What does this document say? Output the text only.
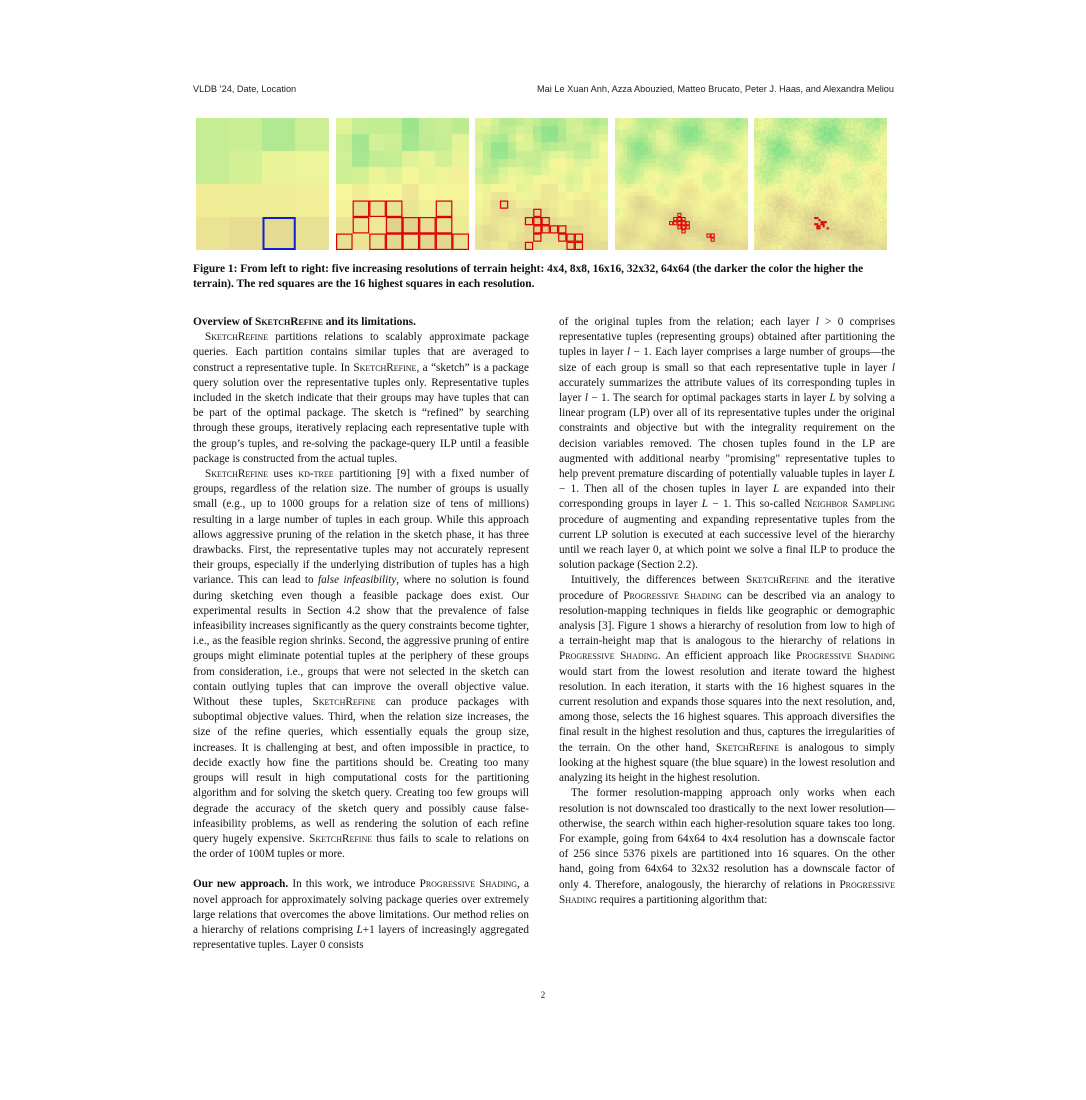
VLDB ’24, Date, Location	Mai Le Xuan Anh, Azza Abouzied, Matteo Brucato, Peter J. Haas, and Alexandra Meliou
Figure 1: From left to right: five increasing resolutions of terrain height: 4x4, 8x8, 16x16, 32x32, 64x64 (the darker the color the higher the terrain). The red squares are the 16 highest squares in each resolution.
Overview of SketchRefine and its limitations.

SketchRefine partitions relations to scalably approximate package queries. Each partition contains similar tuples that are averaged to construct a representative tuple. In SketchRefine, a “sketch” is a package query solution over the representative tuples only. Representative tuples included in the sketch indicate that their groups may have tuples that can be part of the optimal package. The sketch is “refined” by searching through these groups, iteratively replacing each representative tuple with the group’s tuples, and re-solving the package-query ILP until a feasible package is constructed from the actual tuples.

SketchRefine uses kd-tree partitioning [9] with a fixed number of groups, regardless of the relation size. The number of groups is usually small (e.g., up to 1000 groups for a relation size of tens of millions) resulting in a large number of tuples in each group. While this approach allows aggressive pruning of the relation in the sketch phase, it has three drawbacks. First, the representative tuples may not accurately represent their groups, especially if the underlying distribution of tuples has a high variance. This can lead to false infeasibility, where no solution is found during sketching even though a feasible package does exist. Our experimental results in Section 4.2 show that the prevalence of false infeasibility increases significantly as the query constraints become tighter, i.e., as the feasible region shrinks. Second, the aggressive pruning of entire groups might eliminate potential tuples at the periphery of these groups from consideration, i.e., groups that were not selected in the sketch can contain outlying tuples that can improve the overall objective value. Without these tuples, SketchRefine can produce packages with suboptimal objective values. Third, when the relation size increases, the size of the refine queries, which essentially equals the group size, increases. It is challenging at best, and often impossible in practice, to decide exactly how fine the partitions should be. Creating too many groups will result in high computational costs for the partitioning algorithm and for solving the sketch query. Creating too few groups will degrade the accuracy of the sketch query and possibly cause false-infeasibility problems, as well as rendering the solution of each refine query hugely expensive. SketchRefine thus fails to scale to relations on the order of 100M tuples or more.

Our new approach. In this work, we introduce Progressive Shading, a novel approach for approximately solving package queries over extremely large relations that overcomes the above limitations. Our method relies on a hierarchy of relations comprising L+1 layers of increasingly aggregated representative tuples. Layer 0 consists

of the original tuples from the relation; each layer l > 0 comprises representative tuples (representing groups) obtained after partitioning the tuples in layer l − 1. Each layer comprises a large number of groups—the size of each group is small so that each representative tuple in layer l accurately summarizes the attribute values of its corresponding tuples in layer l − 1. The search for optimal packages starts in layer L by solving a linear program (LP) over all of its representative tuples under the original constraints and objective but with the integrality requirement on the decision variables removed. The chosen tuples found in the LP are augmented with additional nearby "promising" representative tuples to help prevent premature discarding of potentially valuable tuples in layer L − 1. Then all of the chosen tuples in layer L are expanded into their corresponding groups in layer L − 1. This so-called Neighbor Sampling procedure of augmenting and expanding representative tuples from the current LP solution is executed at each successive level of the hierarchy until we reach layer 0, at which point we solve a final ILP to produce the solution package (Section 2.2).

Intuitively, the differences between SketchRefine and the iterative procedure of Progressive Shading can be described via an analogy to resolution-mapping techniques in fields like geographic or demographic analysis [3]. Figure 1 shows a hierarchy of resolution from low to high of a terrain-height map that is analogous to the hierarchy of relations in Progressive Shading. An efficient approach like Progressive Shading would start from the lowest resolution and iterate toward the highest resolution. In each iteration, it starts with the 16 highest squares in the current resolution and expands those squares into the next resolution, and, among those, selects the 16 highest squares. This approach diversifies the final result in the highest resolution and thus, captures the irregularities of the terrain. On the other hand, SketchRefine is analogous to simply looking at the highest square (the blue square) in the lowest resolution and analyzing its height in the highest resolution.

The former resolution-mapping approach only works when each resolution is not downscaled too drastically to the next lower resolution—otherwise, the search within each higher-resolution square takes too long. For example, going from 64x64 to 4x4 resolution has a downscale factor of 256 since 5376 pixels are partitioned into 16 squares. On the other hand, going from 64x64 to 32x32 resolution has a downscale factor of only 4. Therefore, analogously, the hierarchy of relations in Progressive Shading requires a partitioning algorithm that:

2
